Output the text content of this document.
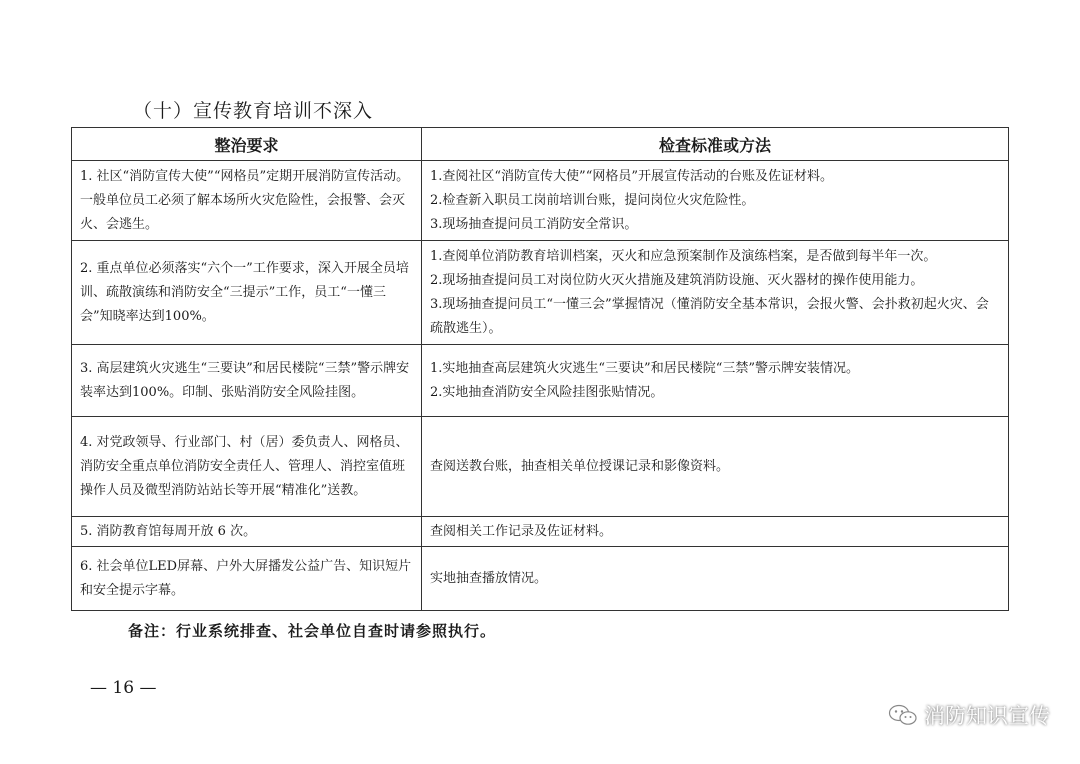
（十）宣传教育培训不深入
整治要求	检查标准或方法
1. 社区“消防宣传大使”“网格员”定期开展消防宣传活动。一般单位员工必须了解本场所火灾危险性，会报警、会灭火、会逃生。	1.查阅社区“消防宣传大使”“网格员”开展宣传活动的台账及佐证材料。
2.检查新入职员工岗前培训台账，提问岗位火灾危险性。
3.现场抽查提问员工消防安全常识。

2. 重点单位必须落实“六个一”工作要求，深入开展全员培训、疏散演练和消防安全“三提示”工作，员工“一懂三会”知晓率达到100%。	1.查阅单位消防教育培训档案，灭火和应急预案制作及演练档案，是否做到每半年一次。
2.现场抽查提问员工对岗位防火灭火措施及建筑消防设施、灭火器材的操作使用能力。
3.现场抽查提问员工“一懂三会”掌握情况（懂消防安全基本常识，会报火警、会扑救初起火灾、会疏散逃生）。

3. 高层建筑火灾逃生“三要诀”和居民楼院“三禁”警示牌安装率达到100%。印制、张贴消防安全风险挂图。	1.实地抽查高层建筑火灾逃生“三要诀”和居民楼院“三禁”警示牌安装情况。
2.实地抽查消防安全风险挂图张贴情况。

4. 对党政领导、行业部门、村（居）委负责人、网格员、消防安全重点单位消防安全责任人、管理人、消控室值班操作人员及微型消防站站长等开展“精准化”送教。	查阅送教台账，抽查相关单位授课记录和影像资料。

5. 消防教育馆每周开放 6 次。	查阅相关工作记录及佐证材料。

6. 社会单位LED屏幕、户外大屏播发公益广告、知识短片和安全提示字幕。	实地抽查播放情况。
备注：行业系统排查、社会单位自查时请参照执行。
— 16 —
消防知识宣传
